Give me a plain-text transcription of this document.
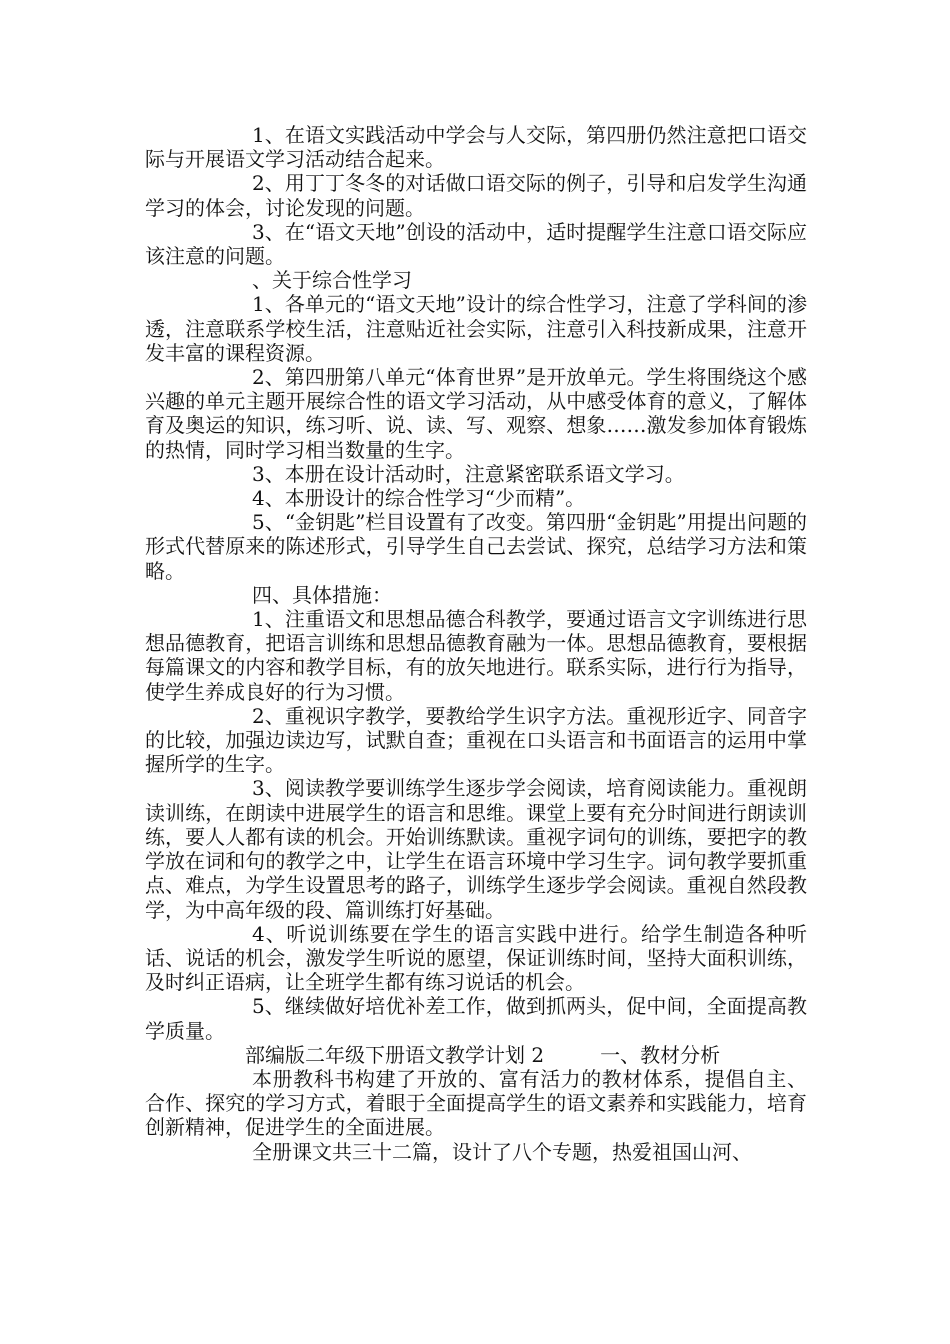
1、在语文实践活动中学会与人交际，第四册仍然注意把口语交际与开展语文学习活动结合起来。

2、用丁丁冬冬的对话做口语交际的例子，引导和启发学生沟通学习的体会，讨论发现的问题。

3、在“语文天地”创设的活动中，适时提醒学生注意口语交际应该注意的问题。

、关于综合性学习

1、各单元的“语文天地”设计的综合性学习，注意了学科间的渗透，注意联系学校生活，注意贴近社会实际，注意引入科技新成果，注意开发丰富的课程资源。

2、第四册第八单元“体育世界”是开放单元。学生将围绕这个感兴趣的单元主题开展综合性的语文学习活动，从中感受体育的意义，了解体育及奥运的知识，练习听、说、读、写、观察、想象……激发参加体育锻炼的热情，同时学习相当数量的生字。

3、本册在设计活动时，注意紧密联系语文学习。

4、本册设计的综合性学习“少而精”。

5、“金钥匙”栏目设置有了改变。第四册“金钥匙”用提出问题的形式代替原来的陈述形式，引导学生自己去尝试、探究，总结学习方法和策略。

四、具体措施：

1、注重语文和思想品德合科教学，要通过语言文字训练进行思想品德教育，把语言训练和思想品德教育融为一体。思想品德教育，要根据每篇课文的内容和教学目标，有的放矢地进行。联系实际，进行行为指导，使学生养成良好的行为习惯。

2、重视识字教学，要教给学生识字方法。重视形近字、同音字的比较，加强边读边写，试默自查；重视在口头语言和书面语言的运用中掌握所学的生字。

3、阅读教学要训练学生逐步学会阅读，培育阅读能力。重视朗读训练，在朗读中进展学生的语言和思维。课堂上要有充分时间进行朗读训练，要人人都有读的机会。开始训练默读。重视字词句的训练，要把字的教学放在词和句的教学之中，让学生在语言环境中学习生字。词句教学要抓重点、难点，为学生设置思考的路子，训练学生逐步学会阅读。重视自然段教学，为中高年级的段、篇训练打好基础。

4、听说训练要在学生的语言实践中进行。给学生制造各种听话、说话的机会，激发学生听说的愿望，保证训练时间，坚持大面积训练，及时纠正语病，让全班学生都有练习说话的机会。

5、继续做好培优补差工作，做到抓两头，促中间，全面提高教学质量。

部编版二年级下册语文教学计划 2	一、教材分析

本册教科书构建了开放的、富有活力的教材体系，提倡自主、合作、探究的学习方式，着眼于全面提高学生的语文素养和实践能力，培育创新精神，促进学生的全面进展。

全册课文共三十二篇，设计了八个专题，热爱祖国山河、
